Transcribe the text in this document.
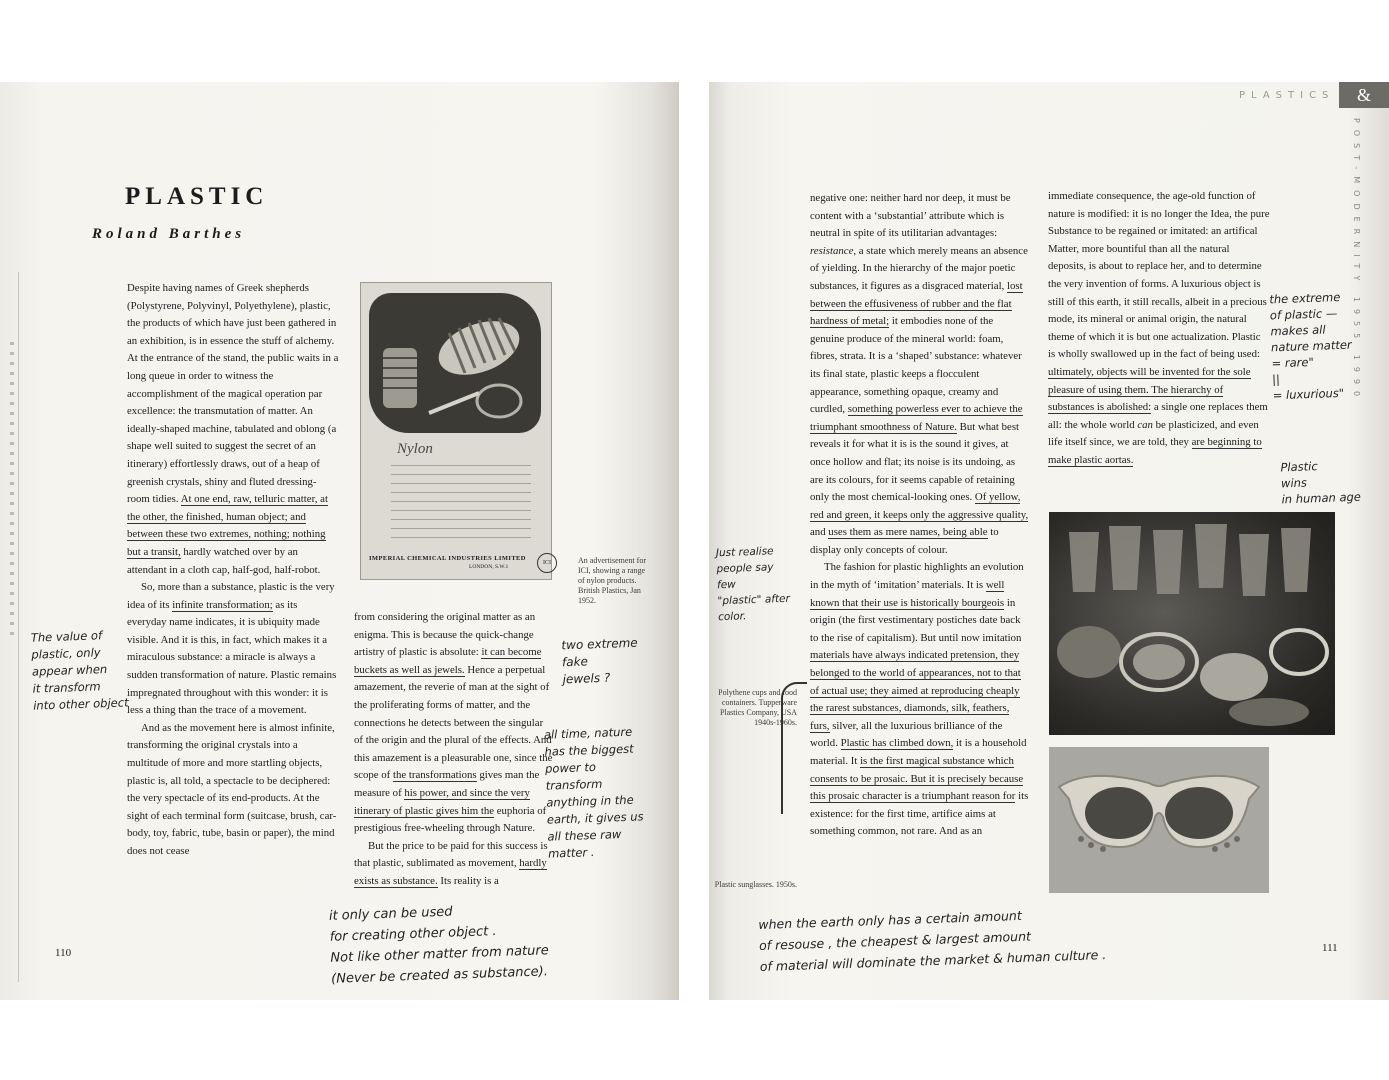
PLASTIC
Roland Barthes

Despite having names of Greek shepherds (Polystyrene, Polyvinyl, Polyethylene), plastic, the products of which have just been gathered in an exhibition, is in essence the stuff of alchemy. At the entrance of the stand, the public waits in a long queue in order to witness the accomplishment of the magical operation par excellence: the transmutation of matter. An ideally-shaped machine, tabulated and oblong (a shape well suited to suggest the secret of an itinerary) effortlessly draws, out of a heap of greenish crystals, shiny and fluted dressing-room tidies. At one end, raw, telluric matter, at the other, the finished, human object; and between these two extremes, nothing; nothing but a transit, hardly watched over by an attendant in a cloth cap, half-god, half-robot.

So, more than a substance, plastic is the very idea of its infinite transformation; as its everyday name indicates, it is ubiquity made visible. And it is this, in fact, which makes it a miraculous substance: a miracle is always a sudden transformation of nature. Plastic remains impregnated throughout with this wonder: it is less a thing than the trace of a movement.

And as the movement here is almost infinite, transforming the original crystals into a multitude of more and more startling objects, plastic is, all told, a spectacle to be deciphered: the very spectacle of its end-products. At the sight of each terminal form (suitcase, brush, car-body, toy, fabric, tube, basin or paper), the mind does not cease

Nylon

IMPERIAL CHEMICAL INDUSTRIES LIMITED

LONDON, S.W.1

ICI	An advertisement for ICI, showing a range of nylon products. British Plastics, Jan 1952.

from considering the original matter as an enigma. This is because the quick-change artistry of plastic is absolute: it can become buckets as well as jewels. Hence a perpetual amazement, the reverie of man at the sight of the proliferating forms of matter, and the connections he detects between the singular of the origin and the plural of the effects. And this amazement is a pleasurable one, since the scope of the transformations gives man the measure of his power, and since the very itinerary of plastic gives him the euphoria of prestigious free-wheeling through Nature.

But the price to be paid for this success is that plastic, sublimated as movement, hardly exists as substance. Its reality is a

The value of
plastic, only
appear when
it transform
into other object

two extreme
fake
jewels ?

all time, nature
has the biggest
power to
transform
anything in the
earth, it gives us
all these raw
matter .

it only can be used
for creating other object .
Not like other matter from nature
(Never be created as substance).

110

PLASTICS	&

POST-MODERNITY 1955 1990

negative one: neither hard nor deep, it must be content with a ‘substantial’ attribute which is neutral in spite of its utilitarian advantages: resistance, a state which merely means an absence of yielding. In the hierarchy of the major poetic substances, it figures as a disgraced material, lost between the effusiveness of rubber and the flat hardness of metal; it embodies none of the genuine produce of the mineral world: foam, fibres, strata. It is a ‘shaped’ substance: whatever its final state, plastic keeps a flocculent appearance, something opaque, creamy and curdled, something powerless ever to achieve the triumphant smoothness of Nature. But what best reveals it for what it is is the sound it gives, at once hollow and flat; its noise is its undoing, as are its colours, for it seems capable of retaining only the most chemical-looking ones. Of yellow, red and green, it keeps only the aggressive quality, and uses them as mere names, being able to display only concepts of colour.

The fashion for plastic highlights an evolution in the myth of ‘imitation’ materials. It is well known that their use is historically bourgeois in origin (the first vestimentary postiches date back to the rise of capitalism). But until now imitation materials have always indicated pretension, they belonged to the world of appearances, not to that of actual use; they aimed at reproducing cheaply the rarest substances, diamonds, silk, feathers, furs, silver, all the luxurious brilliance of the world. Plastic has climbed down, it is a household material. It is the first magical substance which consents to be prosaic. But it is precisely because this prosaic character is a triumphant reason for its existence: for the first time, artifice aims at something common, not rare. And as an

immediate consequence, the age-old function of nature is modified: it is no longer the Idea, the pure Substance to be regained or imitated: an artifical Matter, more bountiful than all the natural deposits, is about to replace her, and to determine the very invention of forms. A luxurious object is still of this earth, it still recalls, albeit in a precious mode, its mineral or animal origin, the natural theme of which it is but one actualization. Plastic is wholly swallowed up in the fact of being used: ultimately, objects will be invented for the sole pleasure of using them. The hierarchy of substances is abolished: a single one replaces them all: the whole world can be plasticized, and even life itself since, we are told, they are beginning to make plastic aortas.

Polythene cups and food containers. Tupperware Plastics Company, USA 1940s-1960s.

Plastic sunglasses. 1950s.

the extreme
of plastic —
makes all
nature matter
= rare"
||
= luxurious"

Plastic
wins
in human age

Just realise
people say
few
"plastic" after
color.

when the earth only has a certain amount
of resouse , the cheapest & largest amount
of material will dominate the market & human culture .	111
